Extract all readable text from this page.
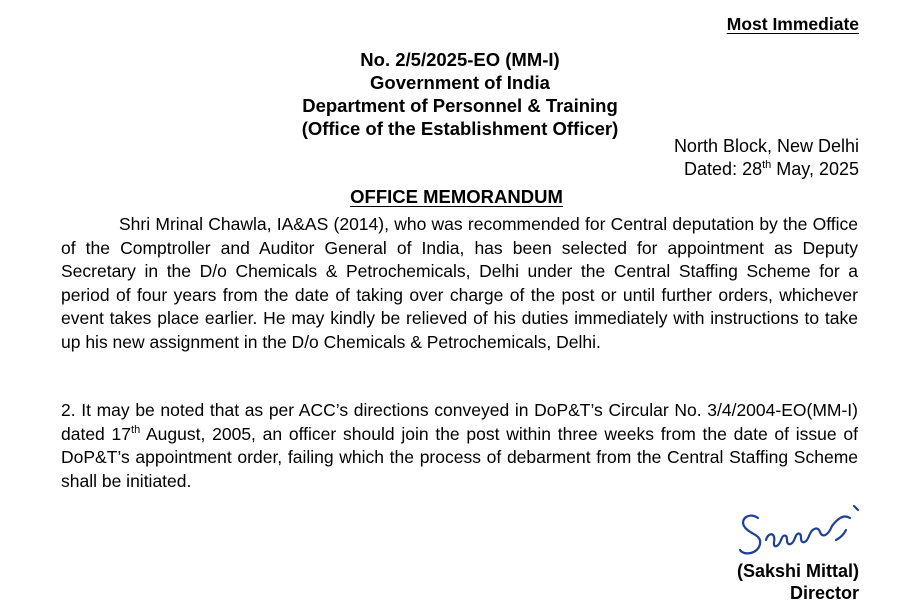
Most Immediate
No. 2/5/2025-EO (MM-I)
Government of India
Department of Personnel & Training
(Office of the Establishment Officer)
North Block, New Delhi
Dated: 28th May, 2025
OFFICE MEMORANDUM

Shri Mrinal Chawla, IA&AS (2014), who was recommended for Central deputation by the Office of the Comptroller and Auditor General of India, has been selected for appointment as Deputy Secretary in the D/o Chemicals & Petrochemicals, Delhi under the Central Staffing Scheme for a period of four years from the date of taking over charge of the post or until further orders, whichever event takes place earlier. He may kindly be relieved of his duties immediately with instructions to take up his new assignment in the D/o Chemicals & Petrochemicals, Delhi.

2. It may be noted that as per ACC’s directions conveyed in DoP&T’s Circular No. 3/4/2004-EO(MM-I) dated 17th August, 2005, an officer should join the post within three weeks from the date of issue of DoP&T’s appointment order, failing which the process of debarment from the Central Staffing Scheme shall be initiated.

(Sakshi Mittal)
Director
